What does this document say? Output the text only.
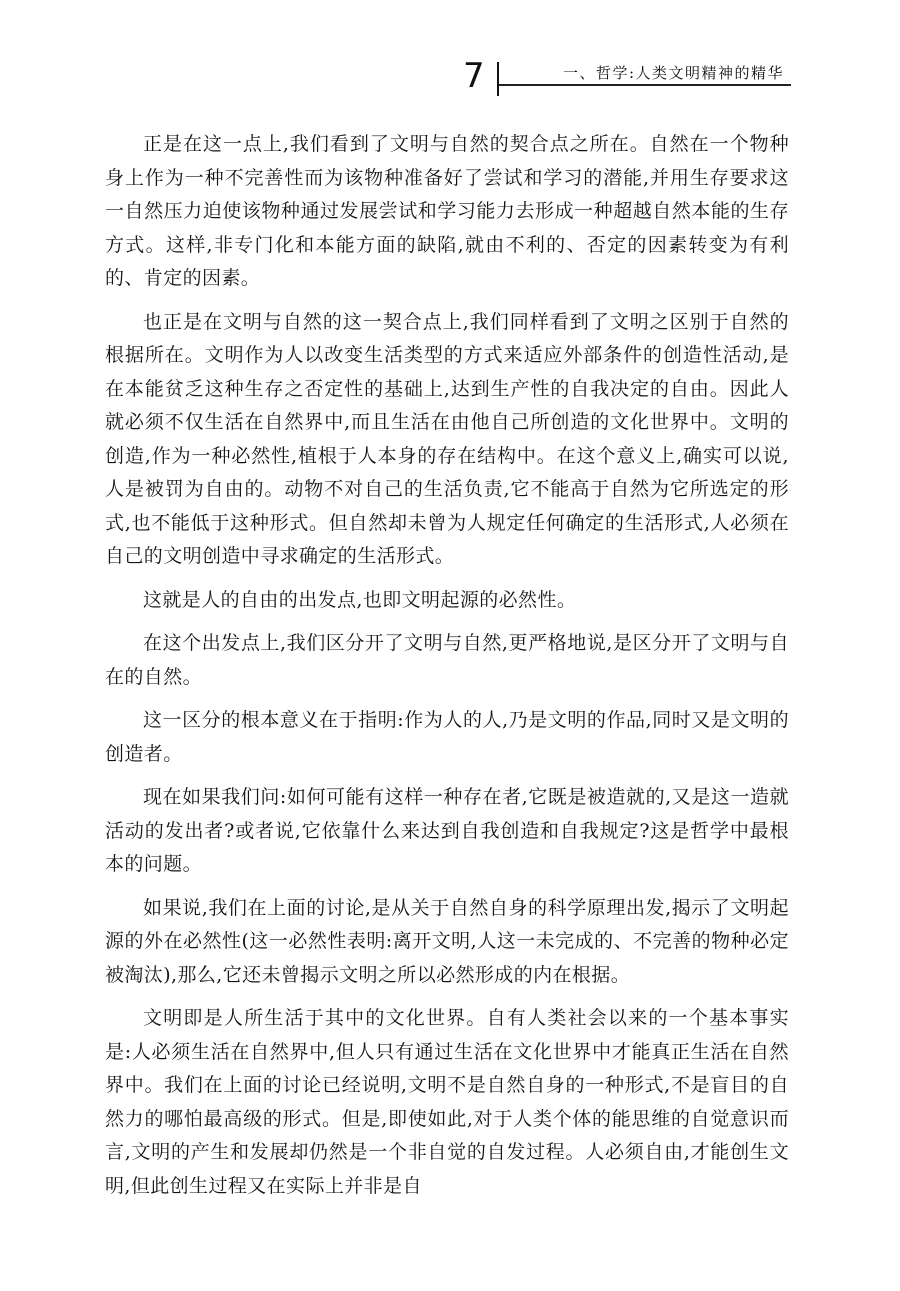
7	一、哲学:人类文明精神的精华

正是在这一点上,我们看到了文明与自然的契合点之所在。自然在一个物种身上作为一种不完善性而为该物种准备好了尝试和学习的潜能,并用生存要求这一自然压力迫使该物种通过发展尝试和学习能力去形成一种超越自然本能的生存方式。这样,非专门化和本能方面的缺陷,就由不利的、否定的因素转变为有利的、肯定的因素。

也正是在文明与自然的这一契合点上,我们同样看到了文明之区别于自然的根据所在。文明作为人以改变生活类型的方式来适应外部条件的创造性活动,是在本能贫乏这种生存之否定性的基础上,达到生产性的自我决定的自由。因此人就必须不仅生活在自然界中,而且生活在由他自己所创造的文化世界中。文明的创造,作为一种必然性,植根于人本身的存在结构中。在这个意义上,确实可以说,人是被罚为自由的。动物不对自己的生活负责,它不能高于自然为它所选定的形式,也不能低于这种形式。但自然却未曾为人规定任何确定的生活形式,人必须在自己的文明创造中寻求确定的生活形式。

这就是人的自由的出发点,也即文明起源的必然性。

在这个出发点上,我们区分开了文明与自然,更严格地说,是区分开了文明与自在的自然。

这一区分的根本意义在于指明:作为人的人,乃是文明的作品,同时又是文明的创造者。

现在如果我们问:如何可能有这样一种存在者,它既是被造就的,又是这一造就活动的发出者?或者说,它依靠什么来达到自我创造和自我规定?这是哲学中最根本的问题。

如果说,我们在上面的讨论,是从关于自然自身的科学原理出发,揭示了文明起源的外在必然性(这一必然性表明:离开文明,人这一未完成的、不完善的物种必定被淘汰),那么,它还未曾揭示文明之所以必然形成的内在根据。

文明即是人所生活于其中的文化世界。自有人类社会以来的一个基本事实是:人必须生活在自然界中,但人只有通过生活在文化世界中才能真正生活在自然界中。我们在上面的讨论已经说明,文明不是自然自身的一种形式,不是盲目的自然力的哪怕最高级的形式。但是,即使如此,对于人类个体的能思维的自觉意识而言,文明的产生和发展却仍然是一个非自觉的自发过程。人必须自由,才能创生文明,但此创生过程又在实际上并非是自
